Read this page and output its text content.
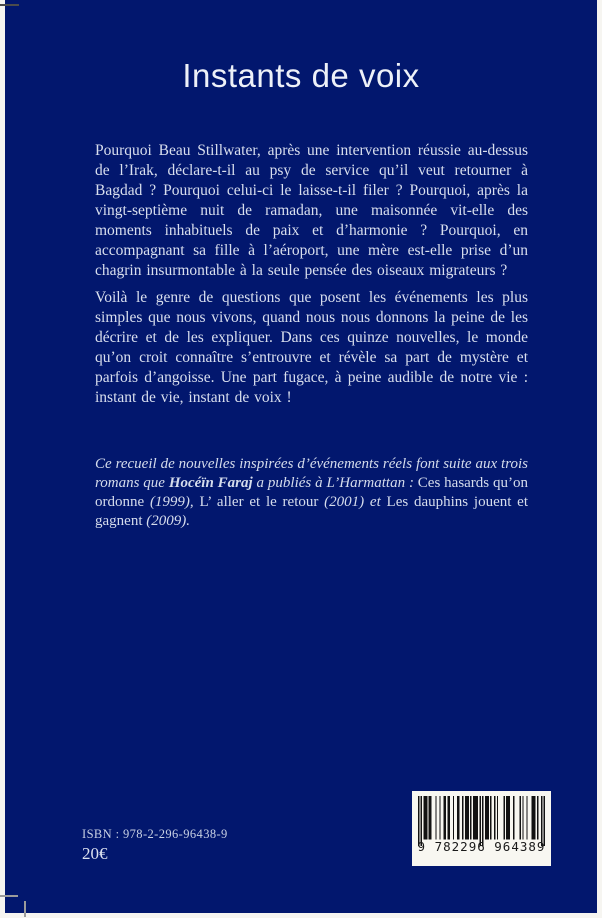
Instants de voix

Pourquoi Beau Stillwater, après une intervention réussie au-dessus de l’Irak, déclare-t-il au psy de service qu’il veut retourner à Bagdad ? Pourquoi celui-ci le laisse-t-il filer ? Pourquoi, après la vingt-septième nuit de ramadan, une maisonnée vit-elle des moments inhabituels de paix et d’harmonie ? Pourquoi, en accompagnant sa fille à l’aéroport, une mère est-elle prise d’un chagrin insurmontable à la seule pensée des oiseaux migrateurs ?

Voilà le genre de questions que posent les événements les plus simples que nous vivons, quand nous nous donnons la peine de les décrire et de les expliquer. Dans ces quinze nouvelles, le monde qu’on croit connaître s’entrouvre et révèle sa part de mystère et parfois d’angoisse. Une part fugace, à peine audible de notre vie : instant de vie, instant de voix !

Ce recueil de nouvelles inspirées d’événements réels font suite aux trois romans que Hocéïn Faraj a publiés à L’Harmattan : Ces hasards qu’on ordonne (1999), L’ aller et le retour (2001) et Les dauphins jouent et gagnent (2009).

ISBN : 978-2-296-96438-9

20€	9 782296 964389
